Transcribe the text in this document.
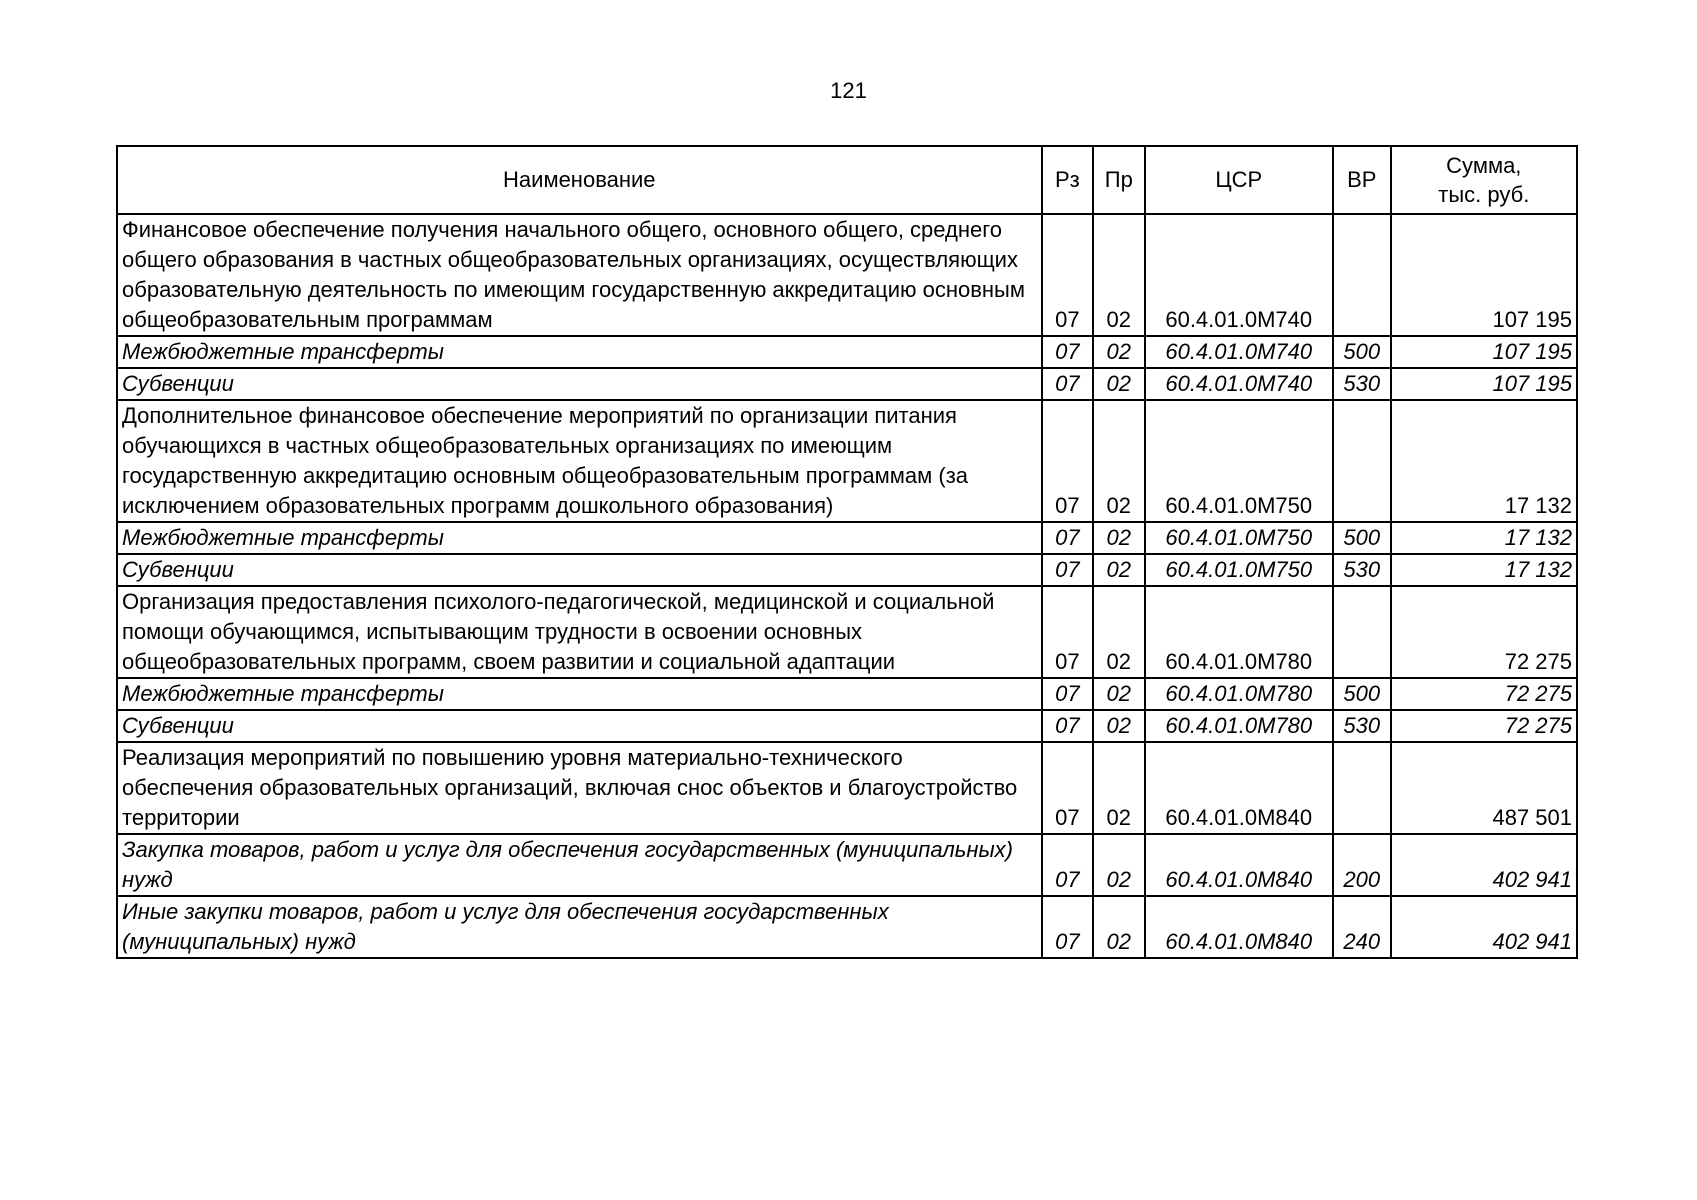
121
Наименование	Рз	Пр	ЦСР	ВР	Сумма,
тыс. руб.
Финансовое обеспечение получения начального общего, основного общего, среднего общего образования в частных общеобразовательных организациях, осуществляющих образовательную деятельность по имеющим государственную аккредитацию основным общеобразовательным программам	07	02	60.4.01.0М740		107 195
Межбюджетные трансферты	07	02	60.4.01.0М740	500	107 195
Субвенции	07	02	60.4.01.0М740	530	107 195
Дополнительное финансовое обеспечение мероприятий по организации питания обучающихся в частных общеобразовательных организациях по имеющим государственную аккредитацию основным общеобразовательным программам (за исключением образовательных программ дошкольного образования)	07	02	60.4.01.0М750		17 132
Межбюджетные трансферты	07	02	60.4.01.0М750	500	17 132
Субвенции	07	02	60.4.01.0М750	530	17 132
Организация предоставления психолого-педагогической, медицинской и социальной помощи обучающимся, испытывающим трудности в освоении основных общеобразовательных программ, своем развитии и социальной адаптации	07	02	60.4.01.0М780		72 275
Межбюджетные трансферты	07	02	60.4.01.0М780	500	72 275
Субвенции	07	02	60.4.01.0М780	530	72 275
Реализация мероприятий по повышению уровня материально-технического обеспечения образовательных организаций, включая снос объектов и благоустройство территории	07	02	60.4.01.0М840		487 501
Закупка товаров, работ и услуг для обеспечения государственных (муниципальных) нужд	07	02	60.4.01.0М840	200	402 941
Иные закупки товаров, работ и услуг для обеспечения государственных (муниципальных) нужд	07	02	60.4.01.0М840	240	402 941
